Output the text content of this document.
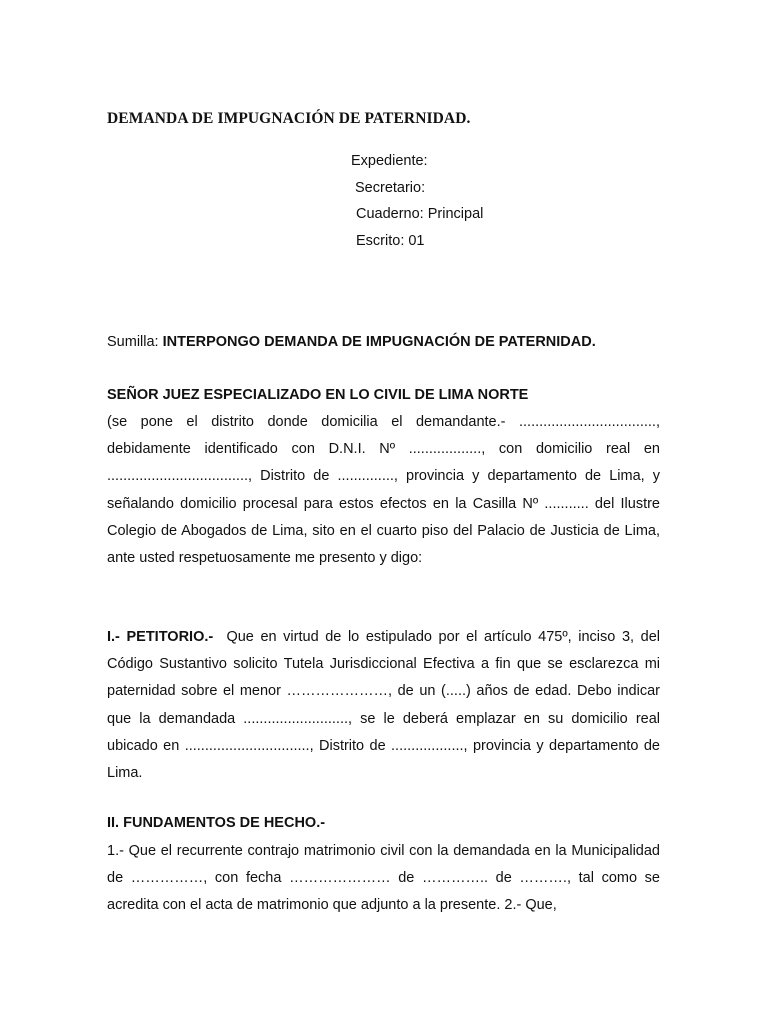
DEMANDA DE IMPUGNACIÓN DE PATERNIDAD.
Expediente:
Secretario:
Cuaderno: Principal
Escrito: 01
Sumilla: INTERPONGO DEMANDA DE IMPUGNACIÓN DE PATERNIDAD.
SEÑOR JUEZ ESPECIALIZADO EN LO CIVIL DE LIMA NORTE
(se pone el distrito donde domicilia el demandante.- .................................., debidamente identificado con D.N.I. Nº .................., con domicilio real en ..................................., Distrito de .............., provincia y departamento de Lima, y señalando domicilio procesal para estos efectos en la Casilla Nº ........... del Ilustre Colegio de Abogados de Lima, sito en el cuarto piso del Palacio de Justicia de Lima, ante usted respetuosamente me presento y digo:
I.- PETITORIO.- Que en virtud de lo estipulado por el artículo 475º, inciso 3, del Código Sustantivo solicito Tutela Jurisdiccional Efectiva a fin que se esclarezca mi paternidad sobre el menor …………………, de un (.....) años de edad. Debo indicar que la demandada .........................., se le deberá emplazar en su domicilio real ubicado en ..............................., Distrito de .................., provincia y departamento de Lima.
II. FUNDAMENTOS DE HECHO.-
1.- Que el recurrente contrajo matrimonio civil con la demandada en la Municipalidad de ……………, con fecha ………………… de ………….. de ………., tal como se acredita con el acta de matrimonio que adjunto a la presente. 2.- Que,
